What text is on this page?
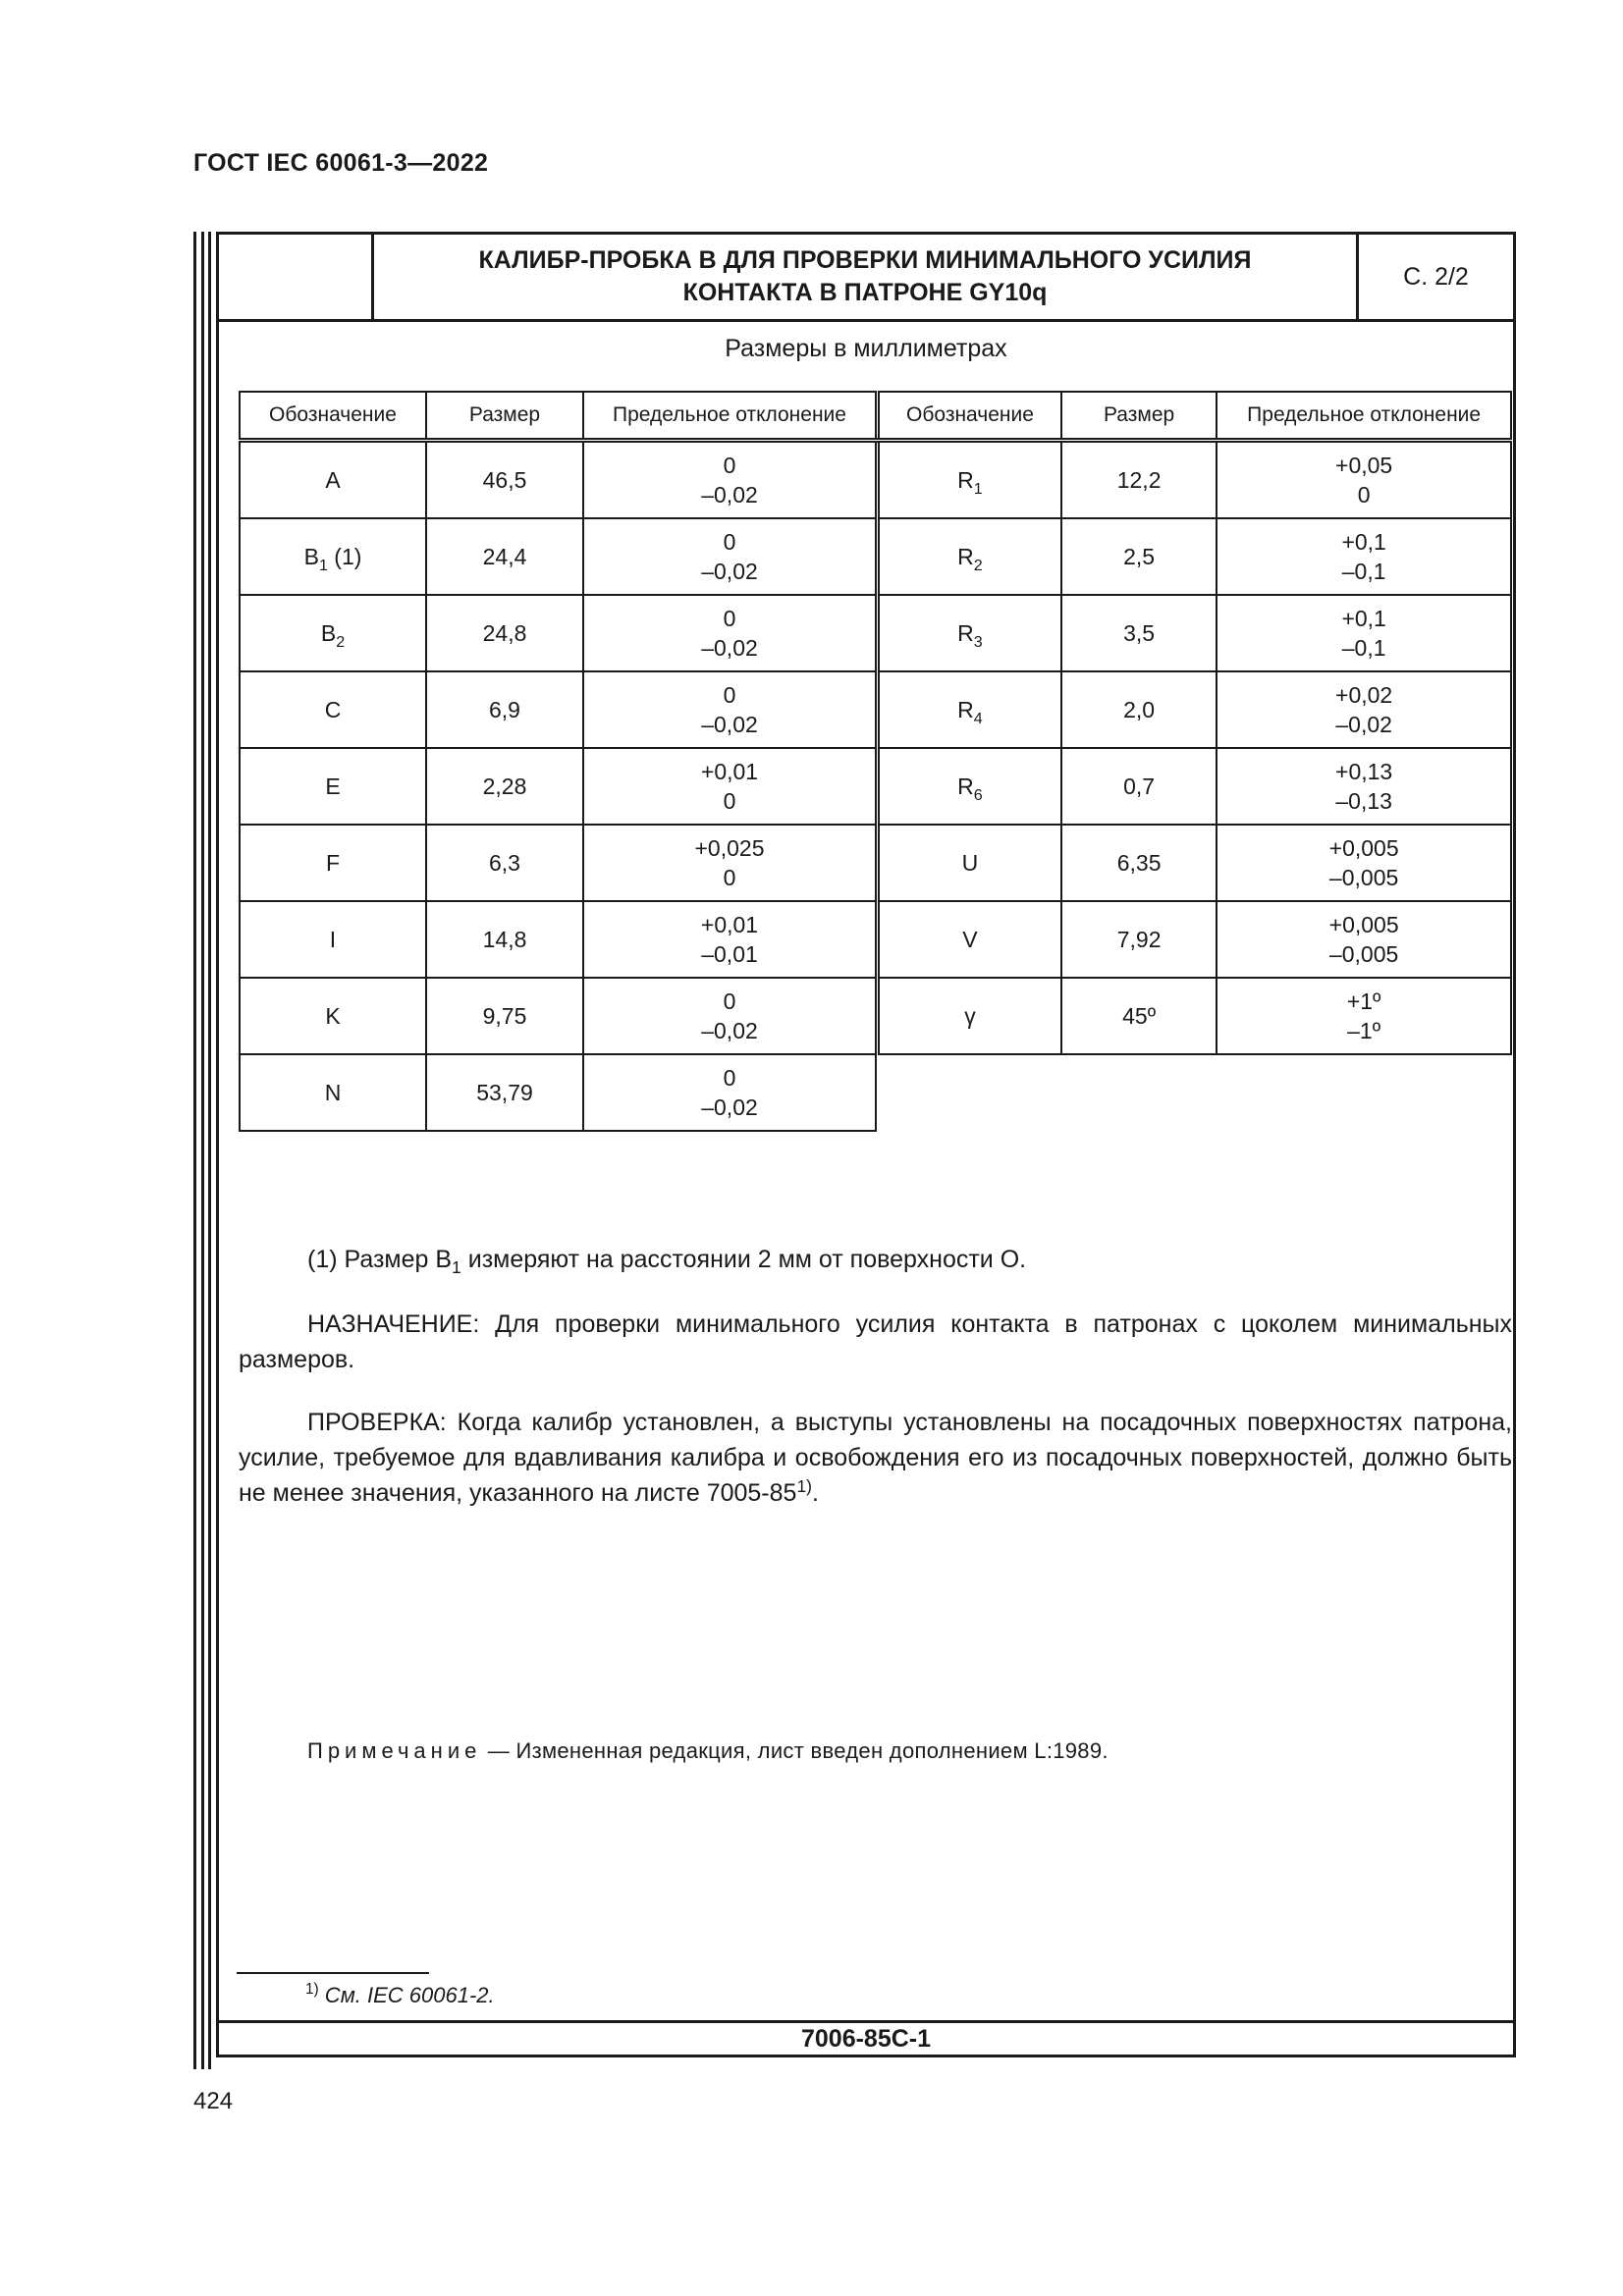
ГОСТ IEC 60061-3—2022
КАЛИБР-ПРОБКА В ДЛЯ ПРОВЕРКИ МИНИМАЛЬНОГО УСИЛИЯ
КОНТАКТА В ПАТРОНЕ GY10q
С. 2/2
Размеры в миллиметрах
Обозначение	Размер	Предельное отклонение
A	46,5	0
–0,02
$B_1$ (1)	24,4	0
–0,02
$B_2$	24,8	0
–0,02
C	6,9	0
–0,02
E	2,28	+0,01
0
F	6,3	+0,025
0
I	14,8	+0,01
–0,01
K	9,75	0
–0,02
N	53,79	0
–0,02
Обозначение	Размер	Предельное отклонение
$R_1$	12,2	+0,05
0
$R_2$	2,5	+0,1
–0,1
$R_3$	3,5	+0,1
–0,1
$R_4$	2,0	+0,02
–0,02
$R_6$	0,7	+0,13
–0,13
U	6,35	+0,005
–0,005
V	7,92	+0,005
–0,005
γ	45º	+1º
–1º
(1) Размер $B_1$ измеряют на расстоянии 2 мм от поверхности O.
НАЗНАЧЕНИЕ: Для проверки минимального усилия контакта в патронах с цоколем минимальных размеров.
ПРОВЕРКА: Когда калибр установлен, а выступы установлены на посадочных поверхностях патрона, усилие, требуемое для вдавливания калибра и освобождения его из посадочных поверхностей, должно быть не менее значения, указанного на листе 7005-85$^{1)}$.
Примечание — Измененная редакция, лист введен дополнением L:1989.
$^{1)}$ См. IEC 60061-2.
7006-85C-1
424
